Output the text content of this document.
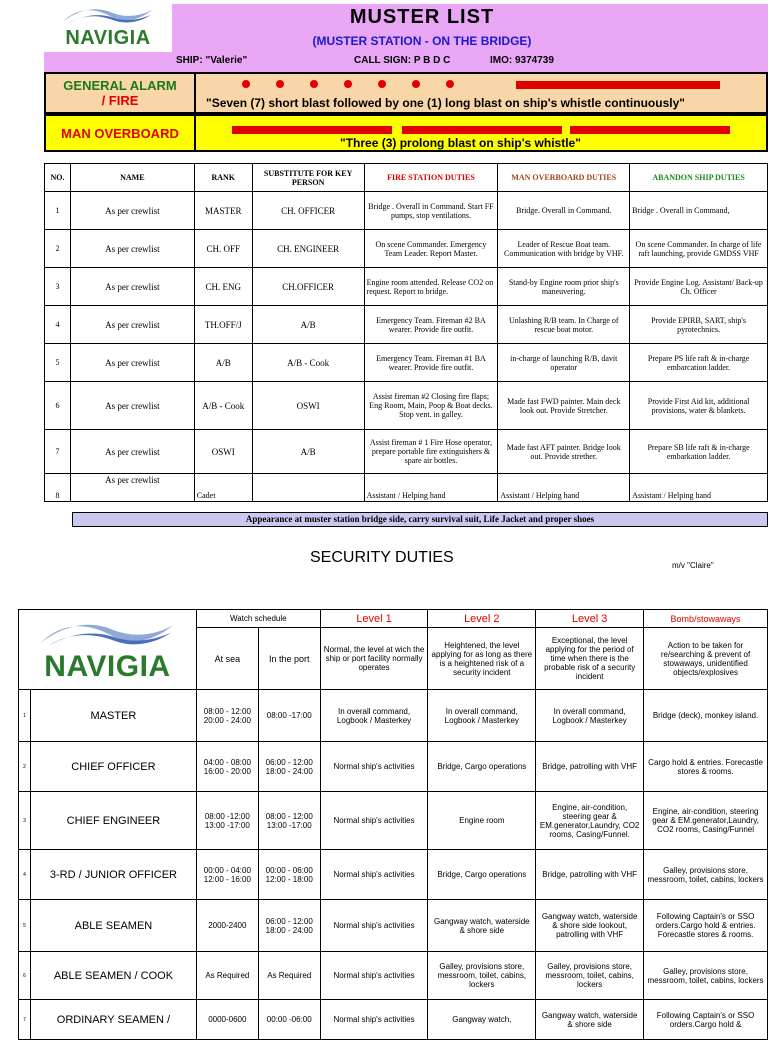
NAVIGIA
MUSTER LIST
(MUSTER STATION - ON THE BRIDGE)
SHIP: "Valerie"	CALL SIGN: P B D C	IMO: 9374739
GENERAL ALARM
/ FIRE	"Seven (7) short blast followed by one (1) long blast on ship's whistle continuously"
MAN OVERBOARD
"Three (3) prolong blast on ship's whistle"
NO.	NAME	RANK	SUBSTITUTE FOR KEY PERSON	FIRE STATION DUTIES	MAN OVERBOARD DUTIES	ABANDON SHIP DUTIES
1	As per crewlist	MASTER	CH. OFFICER	Bridge . Overall in Command. Start FF pumps, stop ventilations.	Bridge. Overall in Command.	Bridge . Overall in Command,
2	As per crewlist	CH. OFF	CH. ENGINEER	On scene Commander. Emergency Team Leader. Report Master.	Leader of Rescue Boat team. Communication with bridge by VHF.	On scene Commander. In charge of life raft launching, provide GMDSS VHF
3	As per crewlist	CH. ENG	CH.OFFICER	Engine room attended. Release CO2 on request. Report to bridge.	Stand-by Engine room prior ship's maneuvering.	Provide Engine Log. Assistant/ Back-up Ch. Officer
4	As per crewlist	TH.OFF/J	A/B	Emergency Team. Fireman #2 BA wearer. Provide fire outfit.	Unlashing R/B team. In Charge of rescue boat motor.	Provide EPIRB, SART, ship's pyrotechnics.
5	As per crewlist	A/B	A/B - Cook	Emergency Team. Fireman #1 BA wearer. Provide fire outfit.	in-charge of launching R/B, davit operator	Prepare PS life raft & in-charge embarcation ladder.
6	As per crewlist	A/B - Cook	OSWI	Assist fireman #2 Closing fire flaps; Eng Room, Main, Poop & Boat decks. Stop vent. in galley.	Made fast FWD painter. Main deck look out. Provide Stretcher.	Provide First Aid kit, additional provisions, water & blankets.
7	As per crewlist	OSWI	A/B	Assist fireman # 1 Fire Hose operator, prepare portable fire extinguishers & spare air bottles.	Made fast AFT painter. Bridge look out. Provide strether.	Prepare SB life raft & in-charge embarkation ladder.
8	As per crewlist	Cadet		Assistant / Helping hand	Assistant / Helping hand	Assistant / Helping hand
Appearance at muster station bridge side, carry survival suit, Life Jacket and proper shoes
SECURITY DUTIES	m/v "Claire"
NAVIGIA		Watch schedule		Level 1	Level 2	Level 3	Bomb/stowaways
		At sea	In the port	Normal, the level at wich the ship or port facility normally operates	Heightened, the level applying for as long as there is a heightened risk of a security incident	Exceptional, the level applying for the period of time when there is the probable risk of a security incident	Action to be taken for re/searching & prevent of stowaways, unidentified objects/explosives
1	MASTER	08:00 - 12:00 20:00 - 24:00	08:00 -17:00	In overall command, Logbook / Masterkey	In overall command, Logbook / Masterkey	In overall command, Logbook / Masterkey	Bridge (deck), monkey island.
2	CHIEF OFFICER	04:00 - 08:00 16:00 - 20:00	06:00 - 12:00 18:00 - 24:00	Normal ship's activities	Bridge, Cargo operations	Bridge, patrolling with VHF	Cargo hold & entries. Forecastle stores & rooms.
3	CHIEF ENGINEER	08:00 -12:00 13:00 -17:00	08:00 - 12:00 13:00 -17:00	Normal ship's activities	Engine room	Engine, air-condition, steering gear & EM.generator,Laundry, CO2 rooms, Casing/Funnel.	Engine, air-condition, steering gear & EM.generator,Laundry, CO2 rooms, Casing/Funnel
4	3-RD / JUNIOR OFFICER	00:00 - 04:00 12:00 - 16:00	00:00 - 06:00 12:00 - 18:00	Normal ship's activities	Bridge, Cargo operations	Bridge, patrolling with VHF	Galley, provisions store, messroom, toilet, cabins, lockers
5	ABLE SEAMEN	2000-2400	06:00 - 12:00 18:00 - 24:00	Normal ship's activities	Gangway watch, waterside & shore side	Gangway watch, waterside & shore side lookout, patrolling with VHF	Following Captain's or SSO orders.Cargo hold & entries. Forecastle stores & rooms.
6	ABLE SEAMEN / COOK	As Required	As Required	Normal ship's activities	Galley, provisions store, messroom, toilet, cabins, lockers	Galley, provisions store, messroom, toilet, cabins, lockers	Galley, provisions store, messroom, toilet, cabins, lockers
7	ORDINARY SEAMEN /	0000-0600	00:00 -06:00	Normal ship's activities	Gangway watch,	Gangway watch, waterside & shore side	Following Captain's or SSO orders.Cargo hold &
